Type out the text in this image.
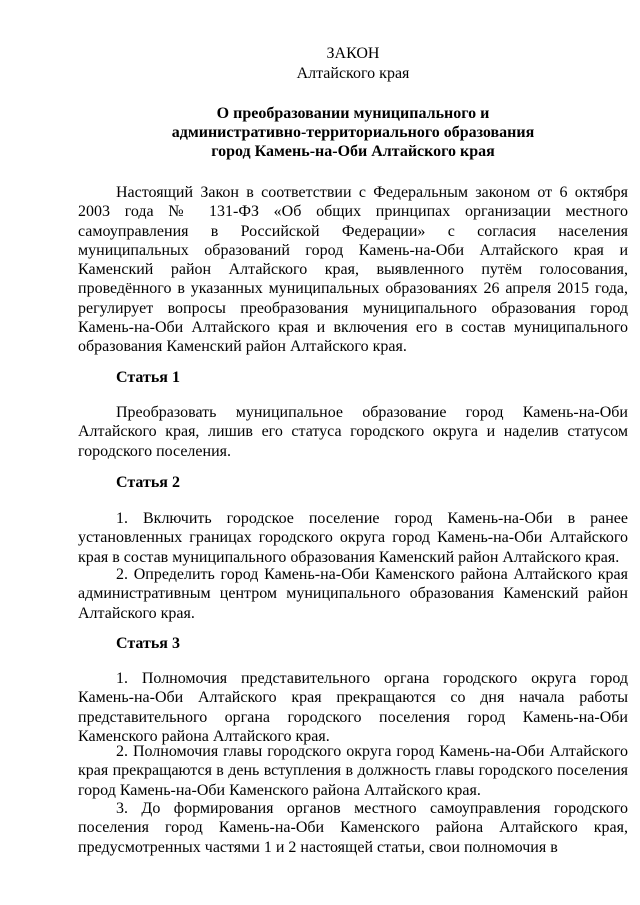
ЗАКОН
Алтайского края
О преобразовании муниципального и
административно-территориального образования
город Камень-на-Оби Алтайского края

Настоящий Закон в соответствии с Федеральным законом от 6 октября 2003 года № 131-ФЗ «Об общих принципах организации местного самоуправления в Российской Федерации» с согласия населения муниципальных образований город Камень-на-Оби Алтайского края и Каменский район Алтайского края, выявленного путём голосования, проведённого в указанных муниципальных образованиях 26 апреля 2015 года, регулирует вопросы преобразования муниципального образования город Камень-на-Оби Алтайского края и включения его в состав муниципального образования Каменский район Алтайского края.

Статья 1

Преобразовать муниципальное образование город Камень-на-Оби Алтайского края, лишив его статуса городского округа и наделив статусом городского поселения.

Статья 2

1. Включить городское поселение город Камень-на-Оби в ранее установленных границах городского округа город Камень-на-Оби Алтайского края в состав муниципального образования Каменский район Алтайского края.

2. Определить город Камень-на-Оби Каменского района Алтайского края административным центром муниципального образования Каменский район Алтайского края.

Статья 3

1. Полномочия представительного органа городского округа город Камень-на-Оби Алтайского края прекращаются со дня начала работы представительного органа городского поселения город Камень-на-Оби Каменского района Алтайского края.

2. Полномочия главы городского округа город Камень-на-Оби Алтайского края прекращаются в день вступления в должность главы городского поселения город Камень-на-Оби Каменского района Алтайского края.

3. До формирования органов местного самоуправления городского поселения город Камень-на-Оби Каменского района Алтайского края, предусмотренных частями 1 и 2 настоящей статьи, свои полномочия в
